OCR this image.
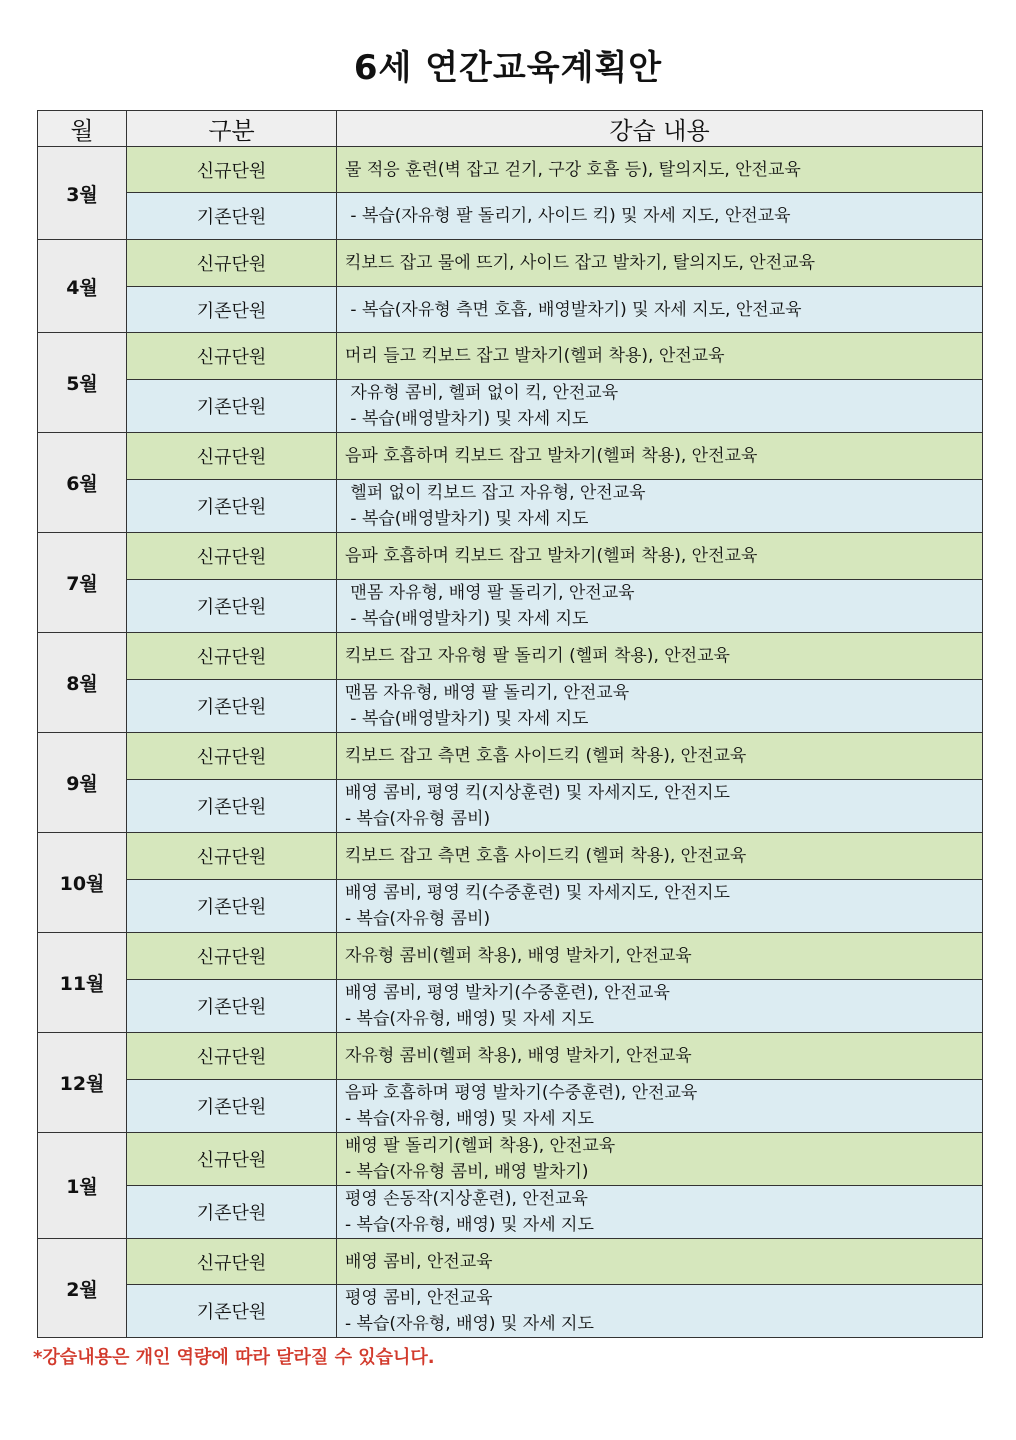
6세 연간교육계획안
월	구분	강습 내용
3월	신규단원	물 적응 훈련(벽 잡고 걷기, 구강 호흡 등), 탈의지도, 안전교육

	기존단원	- 복습(자유형 팔 돌리기, 사이드 킥) 및 자세 지도, 안전교육

4월	신규단원	킥보드 잡고 물에 뜨기, 사이드 잡고 발차기, 탈의지도, 안전교육

	기존단원	- 복습(자유형 측면 호흡, 배영발차기) 및 자세 지도, 안전교육

5월	신규단원	머리 들고 킥보드 잡고 발차기(헬퍼 착용), 안전교육

	기존단원	자유형 콤비, 헬퍼 없이 킥, 안전교육
- 복습(배영발차기) 및 자세 지도

6월	신규단원	음파 호흡하며 킥보드 잡고 발차기(헬퍼 착용), 안전교육

	기존단원	헬퍼 없이 킥보드 잡고 자유형, 안전교육
- 복습(배영발차기) 및 자세 지도

7월	신규단원	음파 호흡하며 킥보드 잡고 발차기(헬퍼 착용), 안전교육

	기존단원	맨몸 자유형, 배영 팔 돌리기, 안전교육
- 복습(배영발차기) 및 자세 지도

8월	신규단원	킥보드 잡고 자유형 팔 돌리기 (헬퍼 착용), 안전교육

	기존단원	맨몸 자유형, 배영 팔 돌리기, 안전교육
- 복습(배영발차기) 및 자세 지도

9월	신규단원	킥보드 잡고 측면 호흡 사이드킥 (헬퍼 착용), 안전교육

	기존단원	배영 콤비, 평영 킥(지상훈련) 및 자세지도, 안전지도
- 복습(자유형 콤비)

10월	신규단원	킥보드 잡고 측면 호흡 사이드킥 (헬퍼 착용), 안전교육

	기존단원	배영 콤비, 평영 킥(수중훈련) 및 자세지도, 안전지도
- 복습(자유형 콤비)

11월	신규단원	자유형 콤비(헬퍼 착용), 배영 발차기, 안전교육

	기존단원	배영 콤비, 평영 발차기(수중훈련), 안전교육
- 복습(자유형, 배영) 및 자세 지도

12월	신규단원	자유형 콤비(헬퍼 착용), 배영 발차기, 안전교육

	기존단원	음파 호흡하며 평영 발차기(수중훈련), 안전교육
- 복습(자유형, 배영) 및 자세 지도

1월	신규단원	배영 팔 돌리기(헬퍼 착용), 안전교육
- 복습(자유형 콤비, 배영 발차기)

	기존단원	평영 손동작(지상훈련), 안전교육
- 복습(자유형, 배영) 및 자세 지도

2월	신규단원	배영 콤비, 안전교육

	기존단원	평영 콤비, 안전교육
- 복습(자유형, 배영) 및 자세 지도
*강습내용은 개인 역량에 따라 달라질 수 있습니다.
